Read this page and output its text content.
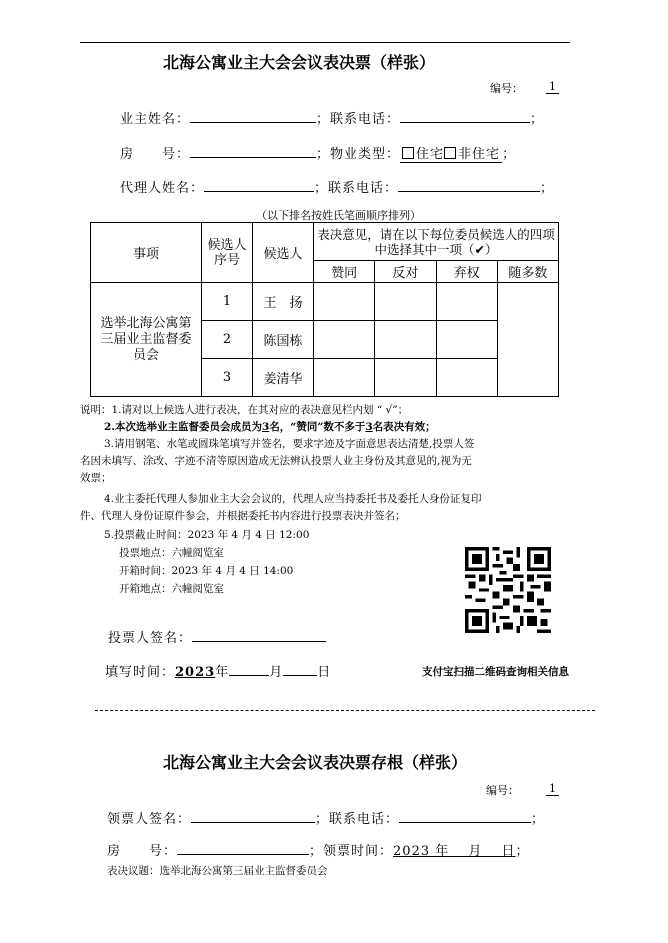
北海公寓业主大会会议表决票（样张）
编号： 1
业主姓名：	；联系电话：	；
房　　号：	；物业类型： 住宅 非住宅 ；
代理人姓名：	；联系电话：	；
（以下排名按姓氏笔画顺序排列）
事项	候选人序号	候选人	表决意见，请在以下每位委员候选人的四项中选择其中一项（✔）			

			赞同	反对	弃权	随多数

选举北海公寓第三届业主监督委员会	1	王　扬				
	2	陈国栋				
	3	姜清华				
说明：1.请对以上候选人进行表决，在其对应的表决意见栏内划 “ √”；
2.本次选举业主监督委员会成员为3名，“赞同”数不多于3名表决有效；
3.请用钢笔、水笔或圆珠笔填写并签名，要求字迹及字面意思表达清楚,投票人签
名因未填写、涂改、字迹不清等原因造成无法辨认投票人业主身份及其意见的,视为无
效票；
4.业主委托代理人参加业主大会会议的，代理人应当持委托书及委托人身份证复印
件、代理人身份证原件参会，并根据委托书内容进行投票表决并签名；
5.投票截止时间：2023 年 4 月 4 日 12:00
投票地点：六幢阅览室
开箱时间：2023 年 4 月 4 日 14:00
开箱地点：六幢阅览室
投票人签名：
填写时间：2023年	月	日	支付宝扫描二维码查询相关信息
北海公寓业主大会会议表决票存根（样张）
编号：	1
领票人签名：	；联系电话：	；
房　　号：	；领票时间：2023 年　 月　 日；
表决议题：选举北海公寓第三届业主监督委员会
